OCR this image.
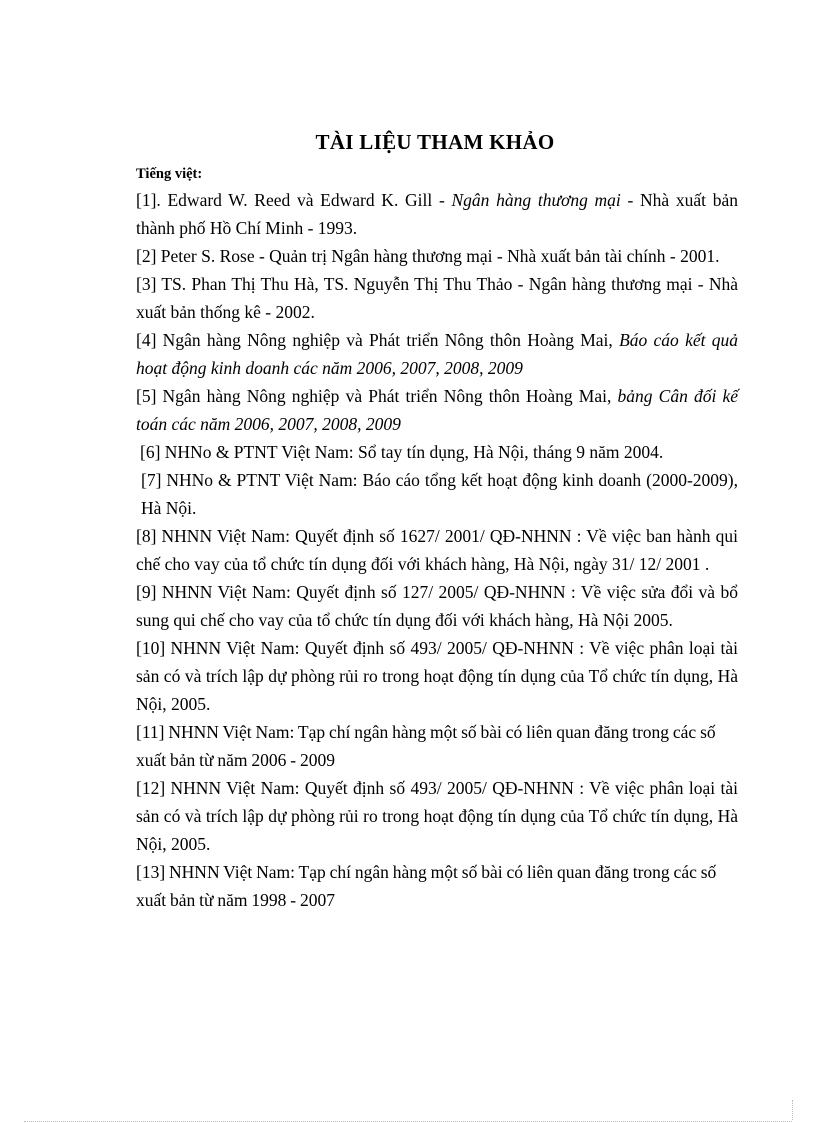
TÀI LIỆU THAM KHẢO
Tiếng việt:

[1]. Edward W. Reed và Edward K. Gill - Ngân hàng thương mại - Nhà xuất bản thành phố Hồ Chí Minh - 1993.

[2] Peter S. Rose - Quản trị Ngân hàng thương mại - Nhà xuất bản tài chính - 2001.

[3] TS. Phan Thị Thu Hà, TS. Nguyễn Thị Thu Thảo - Ngân hàng thương mại - Nhà xuất bản thống kê - 2002.

[4] Ngân hàng Nông nghiệp và Phát triển Nông thôn Hoàng Mai, Báo cáo kết quả hoạt động kinh doanh các năm 2006, 2007, 2008, 2009

[5] Ngân hàng Nông nghiệp và Phát triển Nông thôn Hoàng Mai, bảng Cân đối kế toán các năm 2006, 2007, 2008, 2009

[6] NHNo & PTNT Việt Nam: Sổ tay tín dụng, Hà Nội, tháng 9 năm 2004.

[7] NHNo & PTNT Việt Nam: Báo cáo tổng kết hoạt động kinh doanh (2000-2009), Hà Nội.

[8] NHNN Việt Nam: Quyết định số 1627/ 2001/ QĐ-NHNN : Về việc ban hành qui chế cho vay của tổ chức tín dụng đối với khách hàng, Hà Nội, ngày 31/ 12/ 2001 .

[9] NHNN Việt Nam: Quyết định số 127/ 2005/ QĐ-NHNN : Về việc sửa đổi và bổ sung qui chế cho vay của tổ chức tín dụng đối với khách hàng, Hà Nội 2005.

[10] NHNN Việt Nam: Quyết định số 493/ 2005/ QĐ-NHNN : Về việc phân loại tài sản có và trích lập dự phòng rủi ro trong hoạt động tín dụng của Tổ chức tín dụng, Hà Nội, 2005.

[11] NHNN Việt Nam: Tạp chí ngân hàng một số bài có liên quan đăng trong các số xuất bản từ năm 2006 - 2009

[12] NHNN Việt Nam: Quyết định số 493/ 2005/ QĐ-NHNN : Về việc phân loại tài sản có và trích lập dự phòng rủi ro trong hoạt động tín dụng của Tổ chức tín dụng, Hà Nội, 2005.

[13] NHNN Việt Nam: Tạp chí ngân hàng một số bài có liên quan đăng trong các số xuất bản từ năm 1998 - 2007
